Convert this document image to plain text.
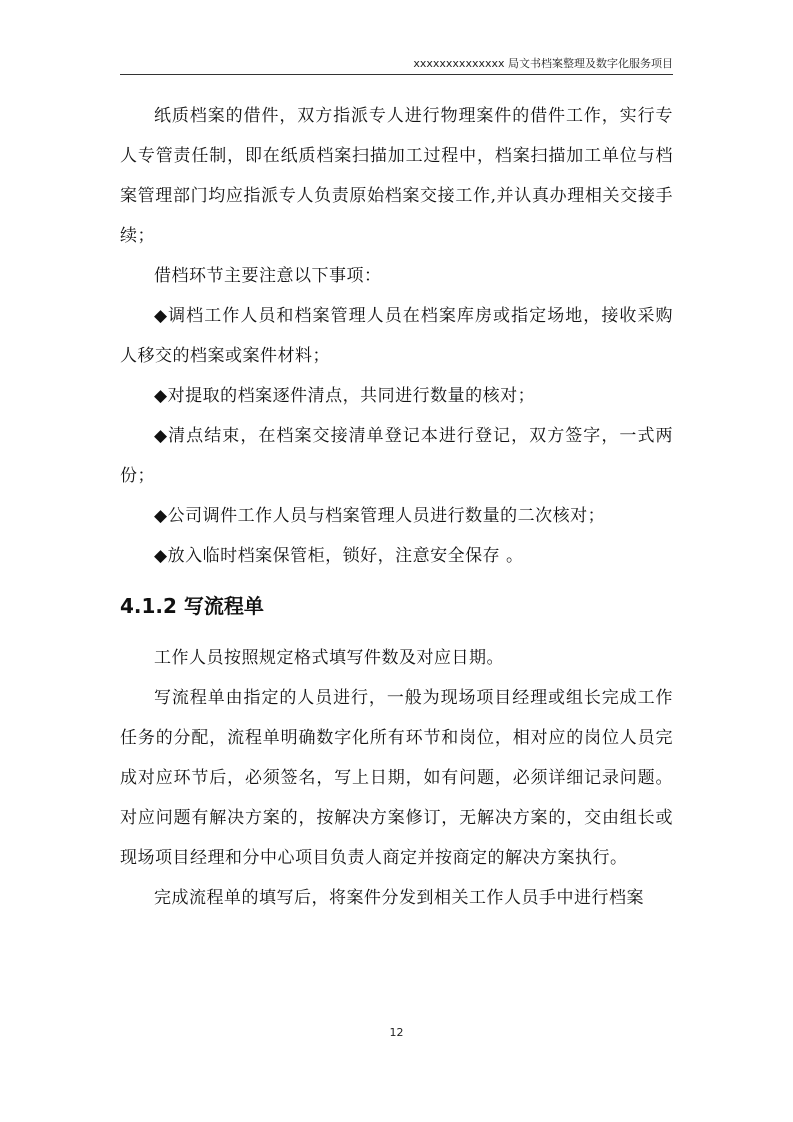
xxxxxxxxxxxxxx 局文书档案整理及数字化服务项目

纸质档案的借件，双方指派专人进行物理案件的借件工作，实行专人专管责任制，即在纸质档案扫描加工过程中，档案扫描加工单位与档案管理部门均应指派专人负责原始档案交接工作,并认真办理相关交接手续；

借档环节主要注意以下事项：

◆调档工作人员和档案管理人员在档案库房或指定场地，接收采购人移交的档案或案件材料；

◆对提取的档案逐件清点，共同进行数量的核对；

◆清点结束，在档案交接清单登记本进行登记，双方签字，一式两份；

◆公司调件工作人员与档案管理人员进行数量的二次核对；

◆放入临时档案保管柜，锁好，注意安全保存 。

4.1.2 写流程单

工作人员按照规定格式填写件数及对应日期。

写流程单由指定的人员进行，一般为现场项目经理或组长完成工作任务的分配，流程单明确数字化所有环节和岗位，相对应的岗位人员完成对应环节后，必须签名，写上日期，如有问题，必须详细记录问题。对应问题有解决方案的，按解决方案修订，无解决方案的，交由组长或现场项目经理和分中心项目负责人商定并按商定的解决方案执行。

完成流程单的填写后，将案件分发到相关工作人员手中进行档案

12
